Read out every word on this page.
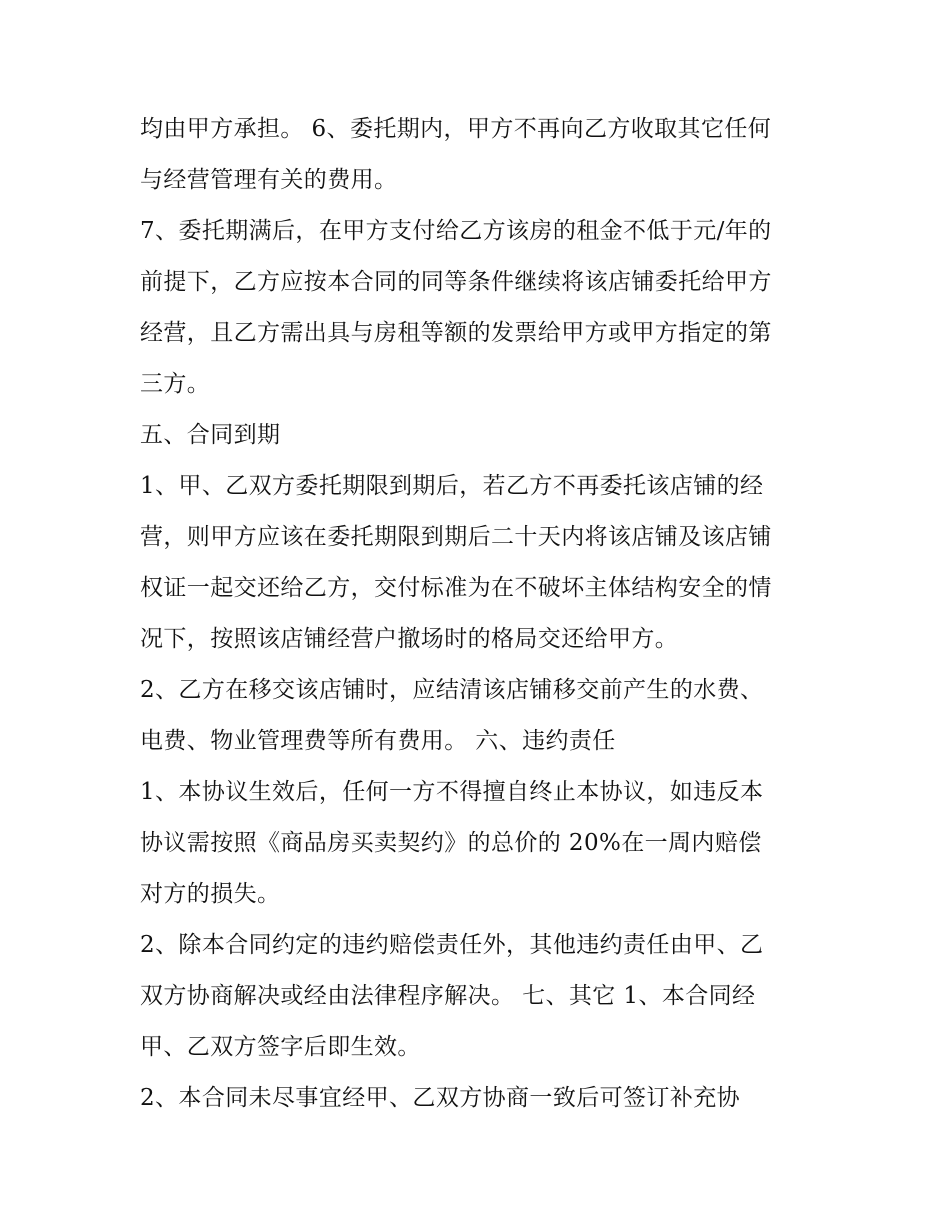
均由甲方承担。 6、委托期内，甲方不再向乙方收取其它任何
与经营管理有关的费用。
7、委托期满后，在甲方支付给乙方该房的租金不低于元/年的
前提下，乙方应按本合同的同等条件继续将该店铺委托给甲方
经营，且乙方需出具与房租等额的发票给甲方或甲方指定的第
三方。
五、合同到期
1、甲、乙双方委托期限到期后，若乙方不再委托该店铺的经
营，则甲方应该在委托期限到期后二十天内将该店铺及该店铺
权证一起交还给乙方，交付标准为在不破坏主体结构安全的情
况下，按照该店铺经营户撤场时的格局交还给甲方。
2、乙方在移交该店铺时，应结清该店铺移交前产生的水费、
电费、物业管理费等所有费用。 六、违约责任
1、本协议生效后，任何一方不得擅自终止本协议，如违反本
协议需按照《商品房买卖契约》的总价的 20%在一周内赔偿
对方的损失。
2、除本合同约定的违约赔偿责任外，其他违约责任由甲、乙
双方协商解决或经由法律程序解决。 七、其它 1、本合同经
甲、乙双方签字后即生效。
2、本合同未尽事宜经甲、乙双方协商一致后可签订补充协
